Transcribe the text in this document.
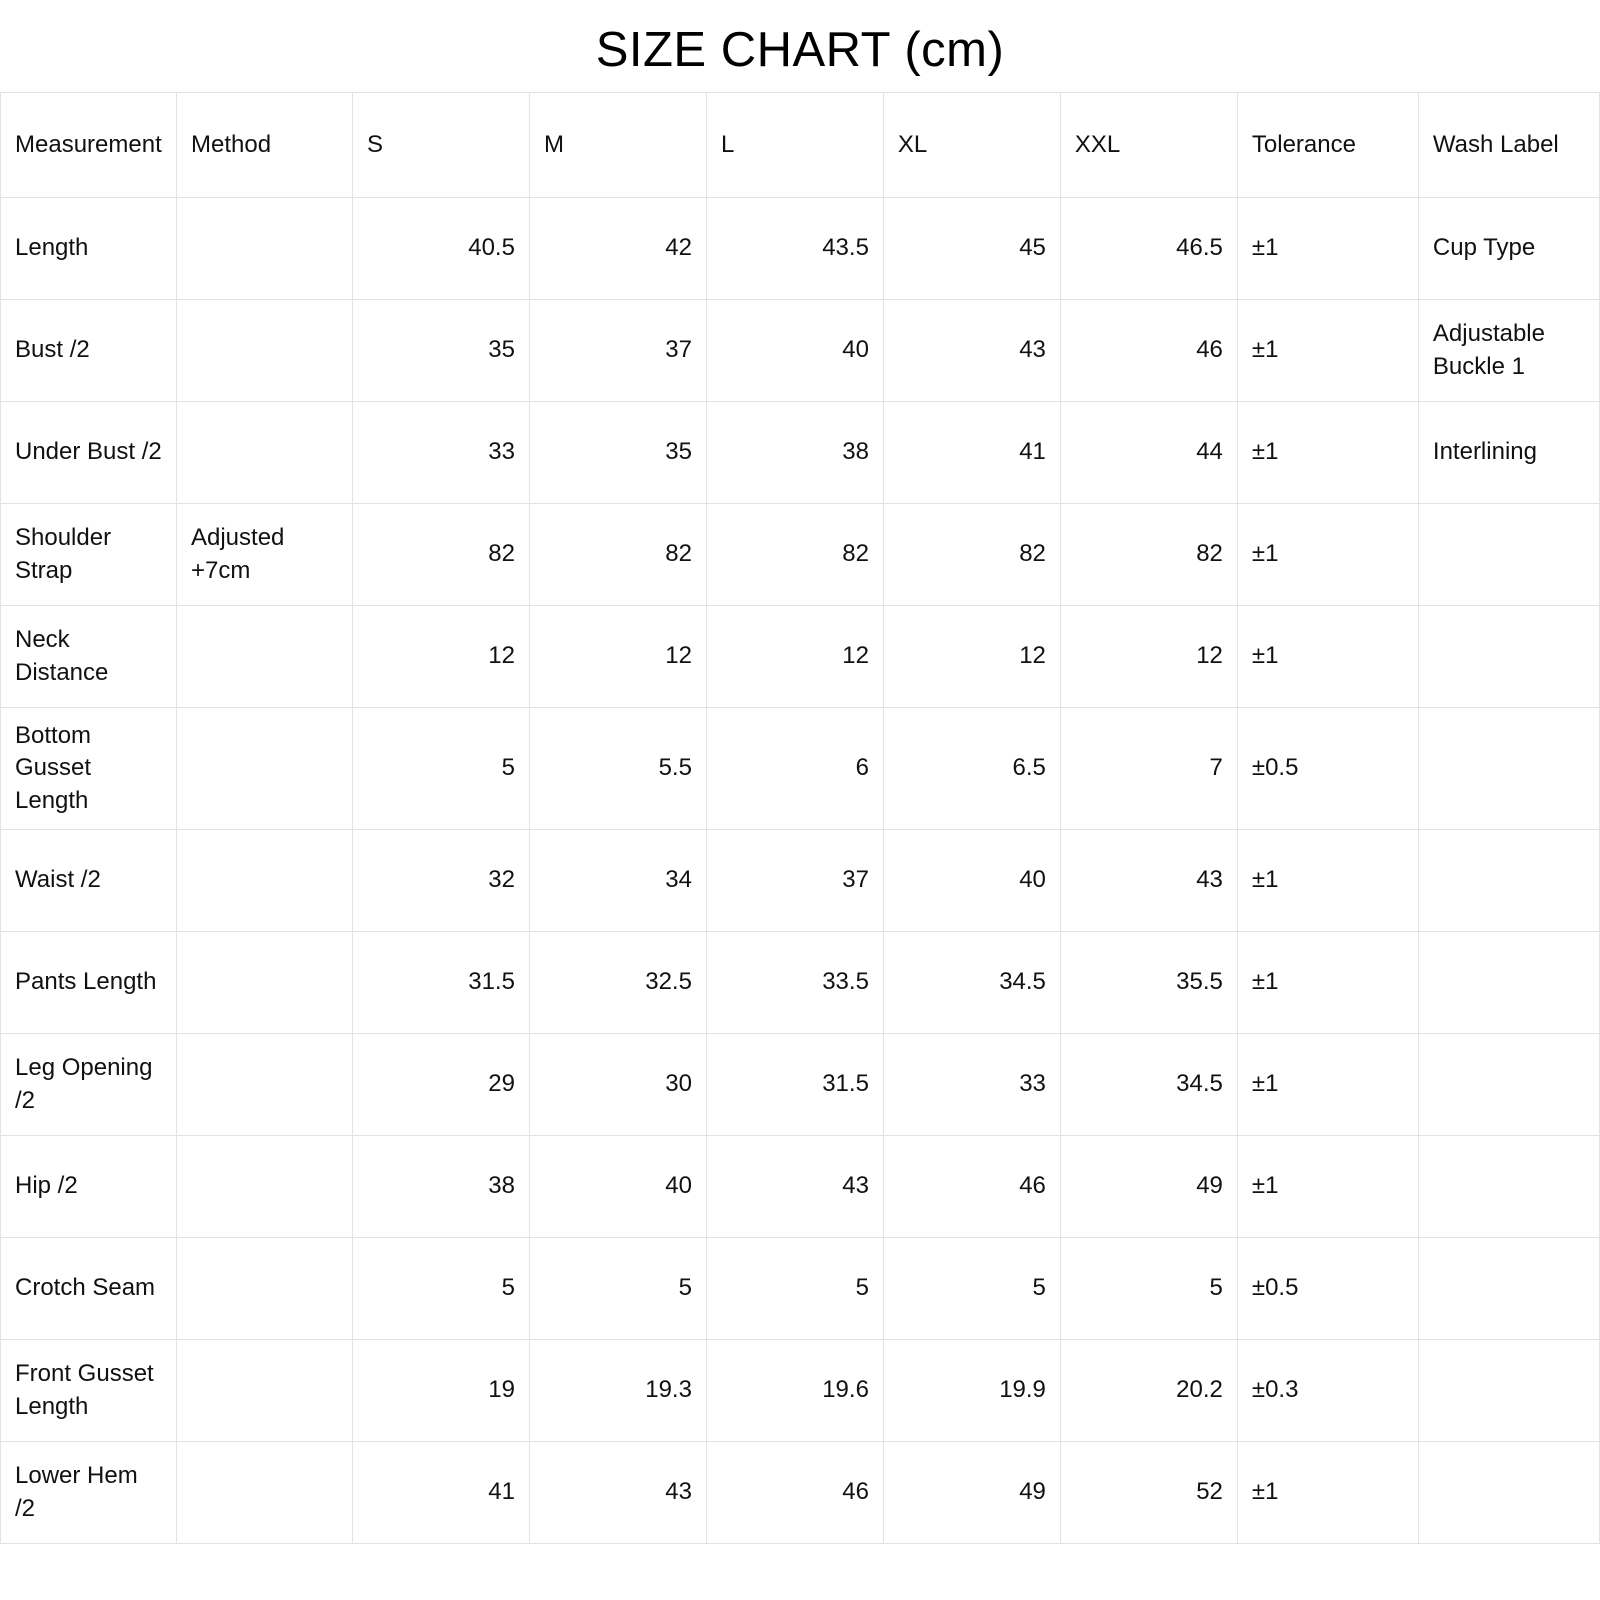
SIZE CHART (cm)
Measurement	Method	S	M	L	XL	XXL	Tolerance	Wash Label
Length		40.5	42	43.5	45	46.5	±1	Cup Type
Bust /2		35	37	40	43	46	±1	Adjustable Buckle 1
Under Bust /2		33	35	38	41	44	±1	Interlining
Shoulder Strap	Adjusted +7cm	82	82	82	82	82	±1	
Neck Distance		12	12	12	12	12	±1	
Bottom Gusset Length		5	5.5	6	6.5	7	±0.5	
Waist /2		32	34	37	40	43	±1	
Pants Length		31.5	32.5	33.5	34.5	35.5	±1	
Leg Opening /2		29	30	31.5	33	34.5	±1	
Hip /2		38	40	43	46	49	±1	
Crotch Seam		5	5	5	5	5	±0.5	
Front Gusset Length		19	19.3	19.6	19.9	20.2	±0.3	
Lower Hem /2		41	43	46	49	52	±1	
